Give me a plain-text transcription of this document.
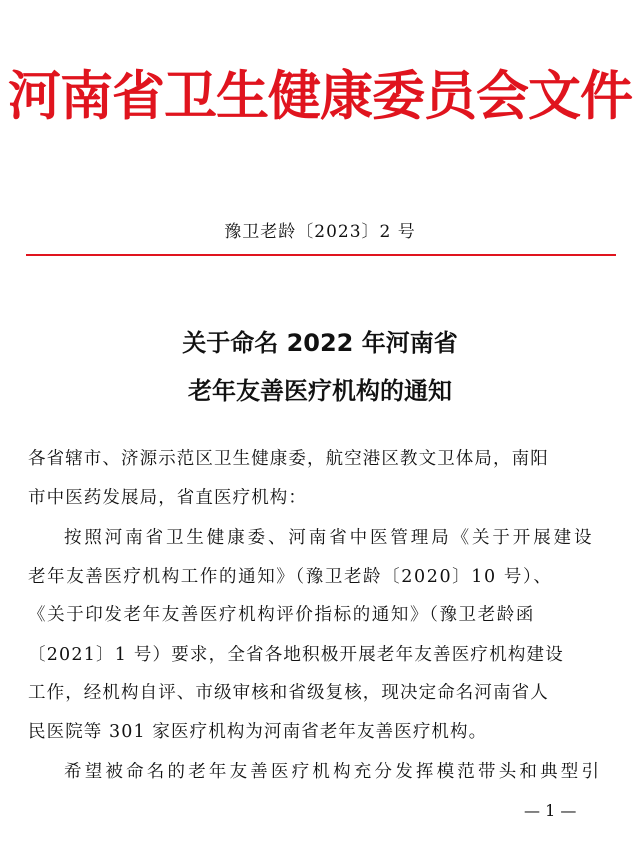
河南省卫生健康委员会文件
豫卫老龄〔2023〕2 号
关于命名 2022 年河南省
老年友善医疗机构的通知
各省辖市、济源示范区卫生健康委，航空港区教文卫体局，南阳
市中医药发展局，省直医疗机构：
按照河南省卫生健康委、河南省中医管理局《关于开展建设
老年友善医疗机构工作的通知》（豫卫老龄〔2020〕10 号）、
《关于印发老年友善医疗机构评价指标的通知》（豫卫老龄函
〔2021〕1 号）要求，全省各地积极开展老年友善医疗机构建设
工作，经机构自评、市级审核和省级复核，现决定命名河南省人
民医院等 301 家医疗机构为河南省老年友善医疗机构。
希望被命名的老年友善医疗机构充分发挥模范带头和典型引
— 1 —
